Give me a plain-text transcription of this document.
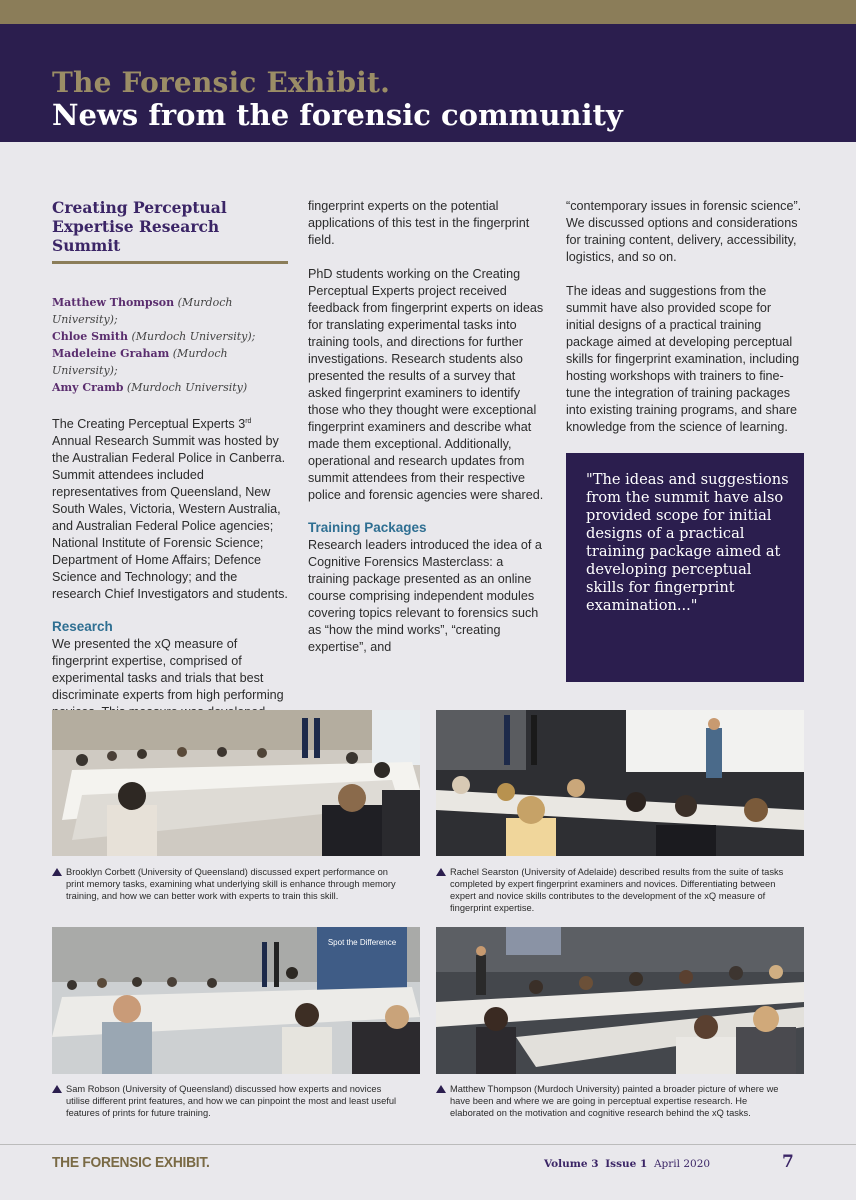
The Forensic Exhibit.
News from the forensic community
Creating Perceptual Expertise Research Summit
Matthew Thompson (Murdoch University);
Chloe Smith (Murdoch University);
Madeleine Graham (Murdoch University);
Amy Cramb (Murdoch University)

The Creating Perceptual Experts 3rd Annual Research Summit was hosted by the Australian Federal Police in Canberra. Summit attendees included representatives from Queensland, New South Wales, Victoria, Western Australia, and Australian Federal Police agencies; National Institute of Forensic Science; Department of Home Affairs; Defence Science and Technology; and the research Chief Investigators and students.

Research

We presented the xQ measure of fingerprint expertise, comprised of experimental tasks and trials that best discriminate experts from high performing

fingerprint experts on the potential applications of this test in the fingerprint field.

PhD students working on the Creating Perceptual Experts project received feedback from fingerprint experts on ideas for translating experimental tasks into training tools, and directions for further investigations. Research students also presented the results of a survey that asked fingerprint examiners to identify those who they thought were exceptional fingerprint examiners and describe what made them exceptional. Additionally, operational and research updates from summit attendees from their respective police and forensic agencies were shared.

Training Packages

Research leaders introduced the idea of a Cognitive Forensics Masterclass: a training package presented as an online course comprising independent modules covering topics relevant to forensics such as “how the mind works”, “creating expertise”, and

“contemporary issues in forensic science”. We discussed options and considerations for training content, delivery, accessibility, logistics, and so on.

The ideas and suggestions from the summit have also provided scope for initial designs of a practical training package aimed at developing perceptual skills for fingerprint examination, including hosting workshops with trainers to fine-tune the integration of training packages into existing training programs, and share knowledge from the science of learning.

"The ideas and suggestions from the summit have also provided scope for initial designs of a practical training package aimed at developing perceptual skills for fingerprint examination..."
Spot the Difference
Brooklyn Corbett (University of Queensland) discussed expert performance on print memory tasks, examining what underlying skill is enhance through memory training, and how we can better work with experts to train this skill.
Rachel Searston (University of Adelaide) described results from the suite of tasks completed by expert fingerprint examiners and novices. Differentiating between expert and novice skills contributes to the development of the xQ measure of fingerprint expertise.
Sam Robson (University of Queensland) discussed how experts and novices utilise different print features, and how we can pinpoint the most and least useful features of prints for future training.
Matthew Thompson (Murdoch University) painted a broader picture of where we have been and where we are going in perceptual expertise research. He elaborated on the motivation and cognitive research behind the xQ tasks.
THE FORENSIC EXHIBIT.	Volume 3 Issue 1 April 2020	7
